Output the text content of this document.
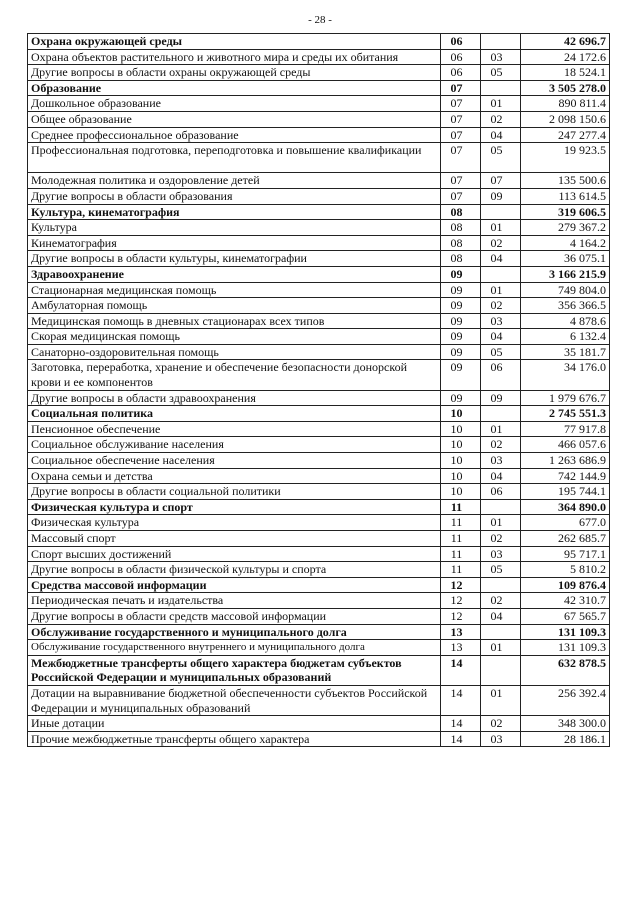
- 28 -
Охрана окружающей среды	06		42 696.7
Охрана объектов растительного и животного мира и среды их обитания	06	03	24 172.6
Другие вопросы в области охраны окружающей среды	06	05	18 524.1
Образование	07		3 505 278.0
Дошкольное образование	07	01	890 811.4
Общее образование	07	02	2 098 150.6
Среднее профессиональное образование	07	04	247 277.4
Профессиональная подготовка, переподготовка и повышение квалификации	07	05	19 923.5
Молодежная политика и оздоровление детей	07	07	135 500.6
Другие вопросы в области образования	07	09	113 614.5
Культура, кинематография	08		319 606.5
Культура	08	01	279 367.2
Кинематография	08	02	4 164.2
Другие вопросы в области культуры, кинематографии	08	04	36 075.1
Здравоохранение	09		3 166 215.9
Стационарная медицинская помощь	09	01	749 804.0
Амбулаторная помощь	09	02	356 366.5
Медицинская помощь в дневных стационарах всех типов	09	03	4 878.6
Скорая медицинская помощь	09	04	6 132.4
Санаторно-оздоровительная помощь	09	05	35 181.7
Заготовка, переработка, хранение и обеспечение безопасности донорской крови и ее компонентов	09	06	34 176.0
Другие вопросы в области здравоохранения	09	09	1 979 676.7
Социальная политика	10		2 745 551.3
Пенсионное обеспечение	10	01	77 917.8
Социальное обслуживание населения	10	02	466 057.6
Социальное обеспечение населения	10	03	1 263 686.9
Охрана семьи и детства	10	04	742 144.9
Другие вопросы в области социальной политики	10	06	195 744.1
Физическая культура и спорт	11		364 890.0
Физическая культура	11	01	677.0
Массовый спорт	11	02	262 685.7
Спорт высших достижений	11	03	95 717.1
Другие вопросы в области физической культуры и спорта	11	05	5 810.2
Средства массовой информации	12		109 876.4
Периодическая печать и издательства	12	02	42 310.7
Другие вопросы в области средств массовой информации	12	04	67 565.7
Обслуживание государственного и муниципального долга	13		131 109.3
Обслуживание государственного внутреннего и муниципального долга	13	01	131 109.3
Межбюджетные трансферты общего характера бюджетам субъектов Российской Федерации и муниципальных образований	14		632 878.5
Дотации на выравнивание бюджетной обеспеченности субъектов Российской Федерации и муниципальных образований	14	01	256 392.4
Иные дотации	14	02	348 300.0
Прочие межбюджетные трансферты общего характера	14	03	28 186.1
